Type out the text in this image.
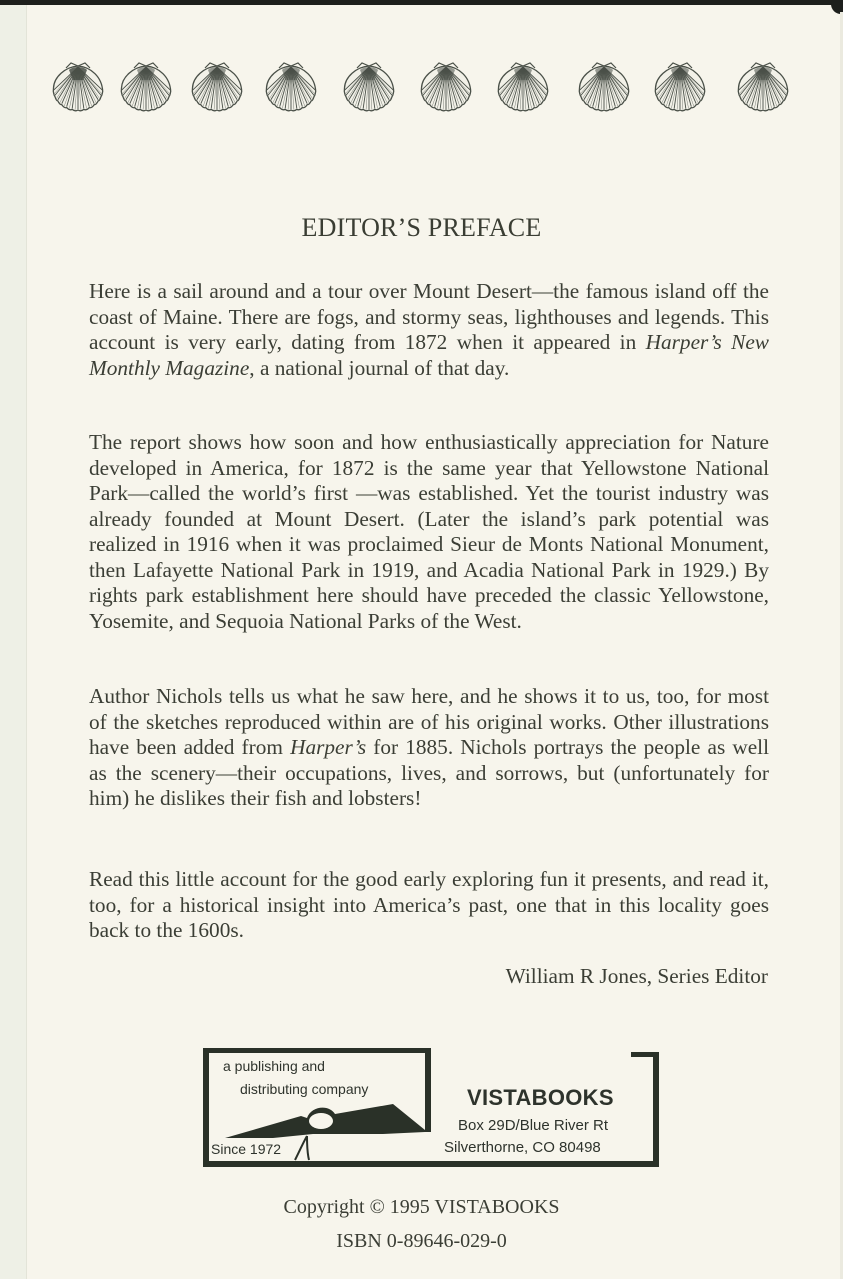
EDITOR’S PREFACE

Here is a sail around and a tour over Mount Desert—the famous island off the coast of Maine. There are fogs, and stormy seas, lighthouses and legends. This account is very early, dating from 1872 when it appeared in Harper’s New Monthly Magazine, a national journal of that day.

The report shows how soon and how enthusiastically appreciation for Nature developed in America, for 1872 is the same year that Yellowstone National Park—called the world’s first —was established. Yet the tourist industry was already founded at Mount Desert. (Later the island’s park potential was realized in 1916 when it was proclaimed Sieur de Monts National Monument, then Lafayette National Park in 1919, and Acadia National Park in 1929.) By rights park establishment here should have preceded the classic Yellowstone, Yosemite, and Sequoia National Parks of the West.

Author Nichols tells us what he saw here, and he shows it to us, too, for most of the sketches reproduced within are of his original works. Other illustrations have been added from Harper’s for 1885. Nichols portrays the people as well as the scenery—their occupations, lives, and sorrows, but (unfortunately for him) he dislikes their fish and lobsters!

Read this little account for the good early exploring fun it presents, and read it, too, for a historical insight into America’s past, one that in this locality goes back to the 1600s.

William R Jones, Series Editor
a publishing and
distributing company
Since 1972
VISTABOOKS
Box 29D/Blue River Rt
Silverthorne, CO 80498
Copyright © 1995 VISTABOOKS
ISBN 0-89646-029-0
